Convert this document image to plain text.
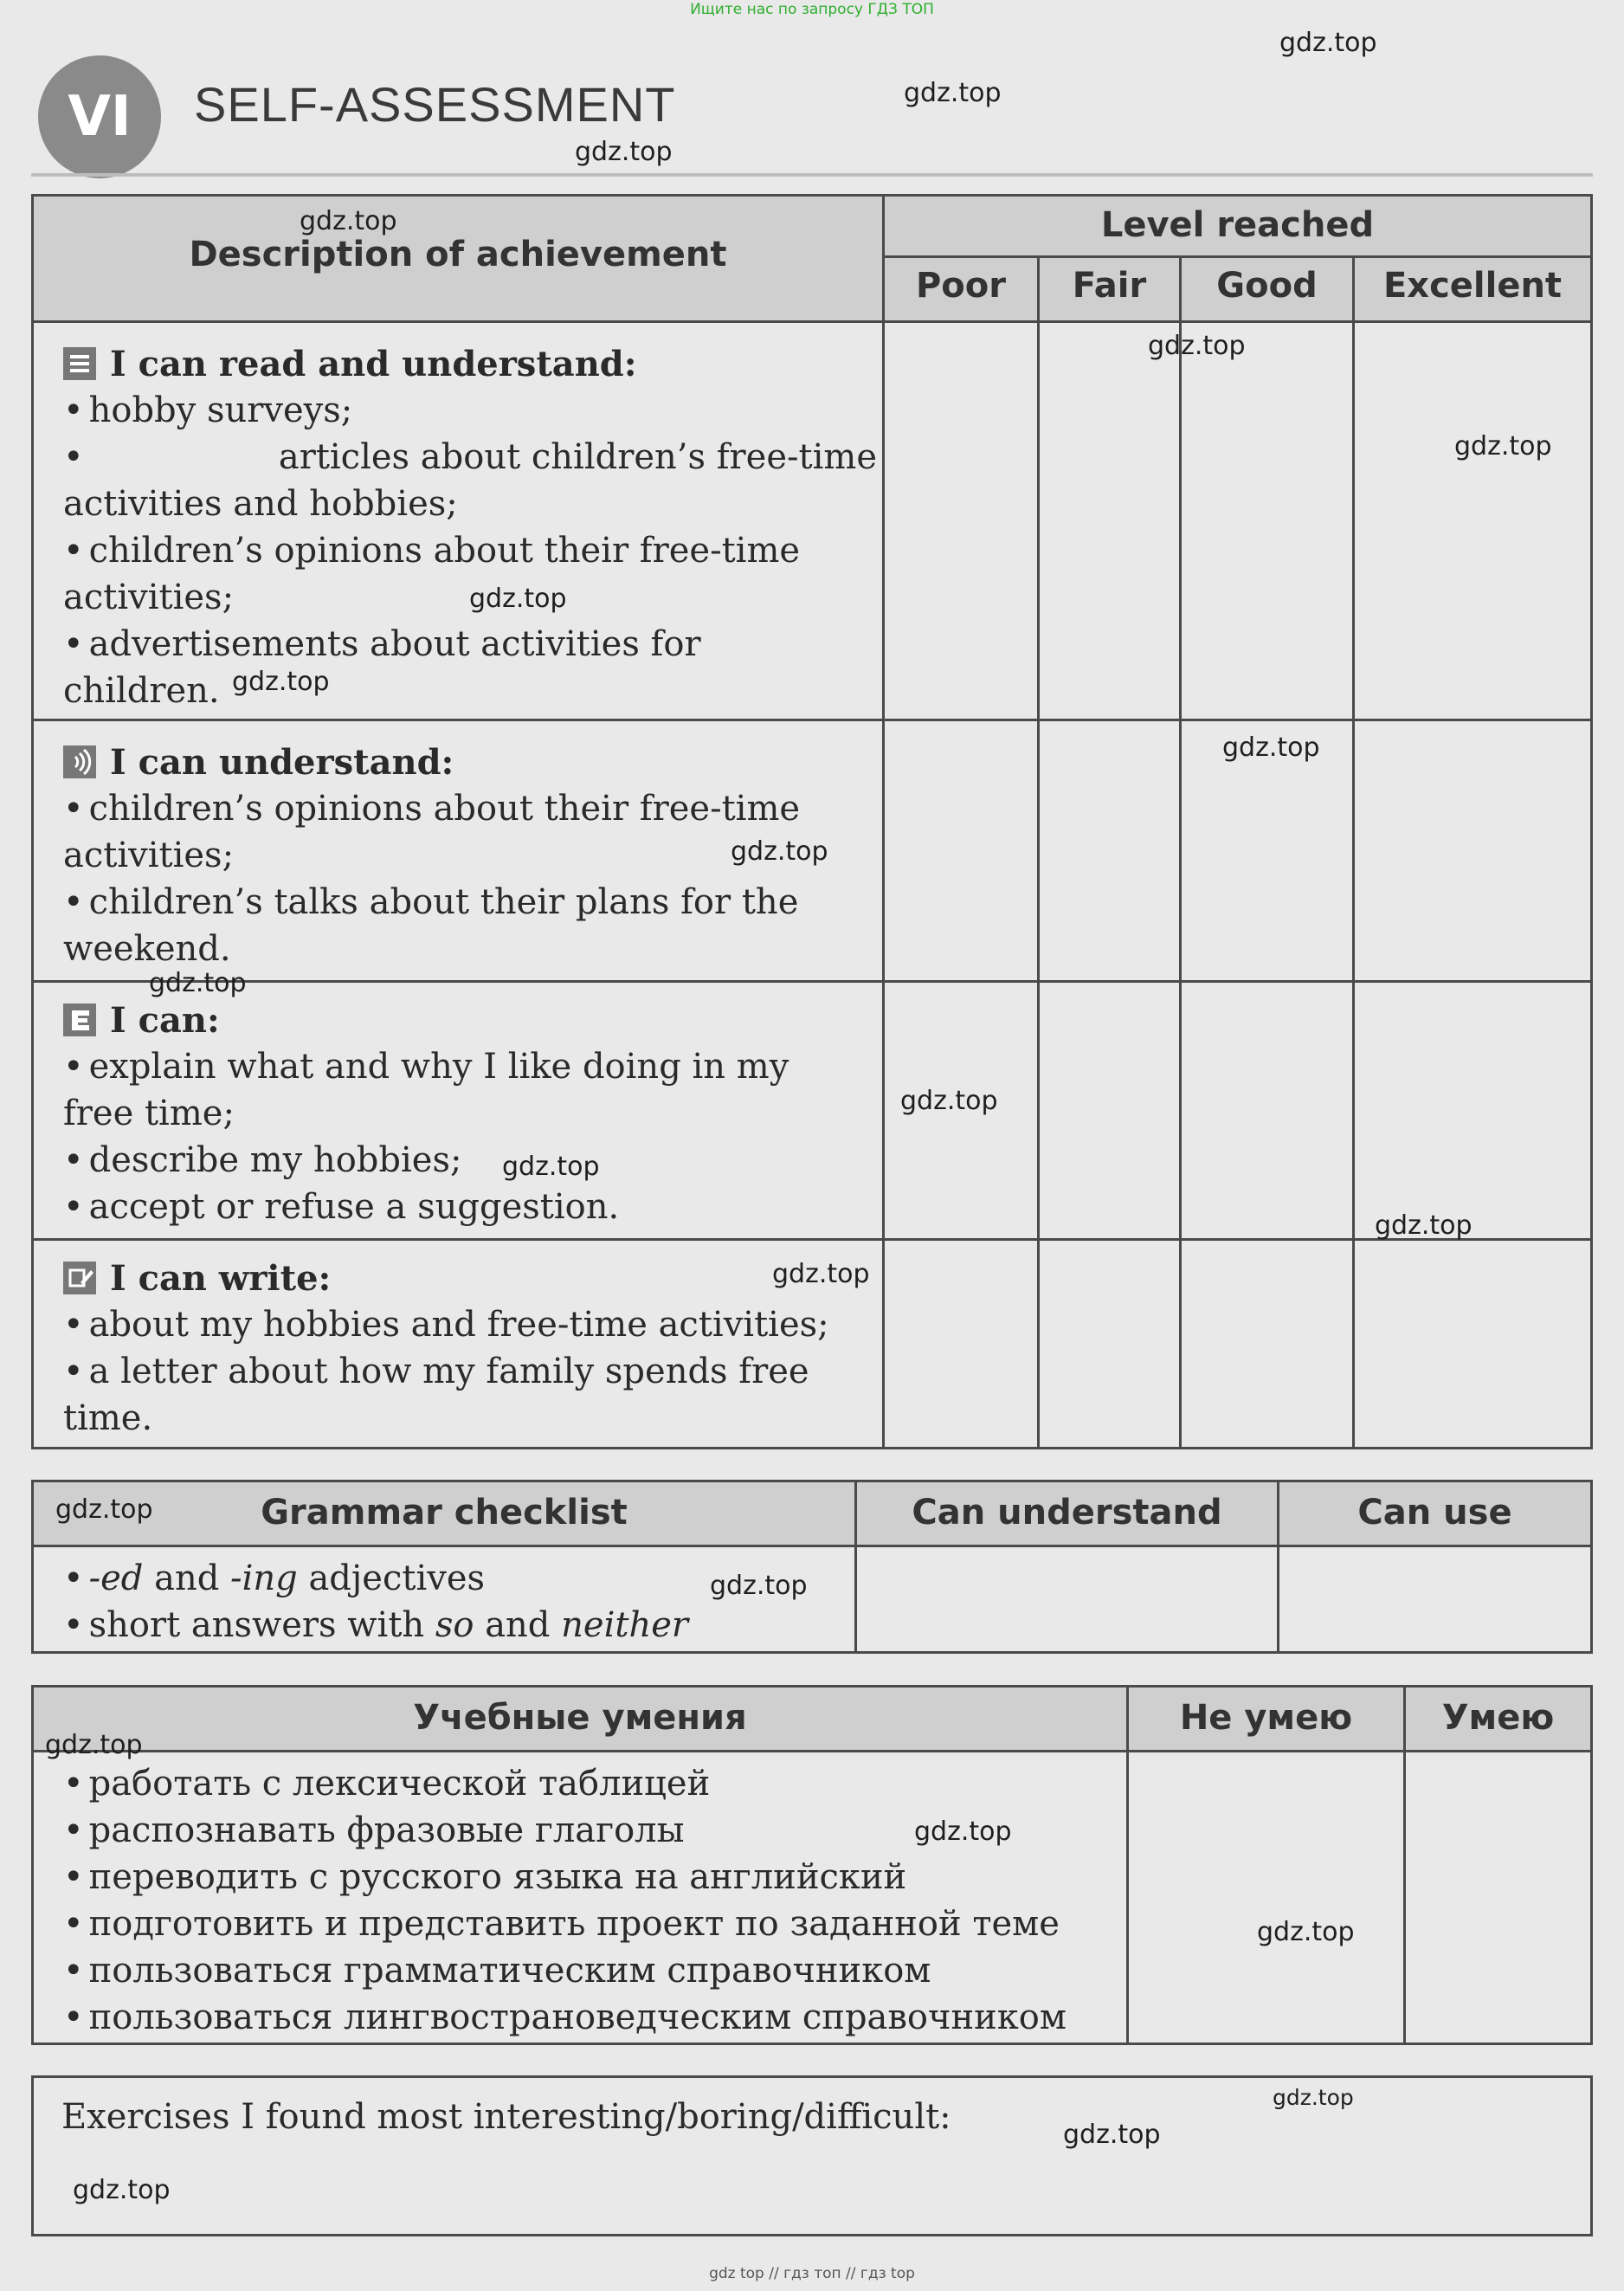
Ищите нас по запросу ГДЗ ТОП
VI	SELF-ASSESSMENT
Description of achievement
Level reached
Poor	Fair	Good	Excellent
I can read and understand:
• hobby surveys;
• articles about children’s free-time
activities and hobbies;
• children’s opinions about their free-time
activities;
• advertisements about activities for
children.
I can understand:
• children’s opinions about their free-time
activities;
• children’s talks about their plans for the
weekend.
I can:
• explain what and why I like doing in my
free time;
• describe my hobbies;
• accept or refuse a suggestion.
I can write:
• about my hobbies and free-time activities;
• a letter about how my family spends free
time.
Grammar checklist	Can understand	Can use
• -ed and -ing adjectives
• short answers with so and neither
Учебные умения	Не умею	Умею
• работать с лексической таблицей
• распознавать фразовые глаголы
• переводить с русского языка на английский
• подготовить и представить проект по заданной теме
• пользоваться грамматическим справочником
• пользоваться лингвострановедческим справочником
Exercises I found most interesting/boring/difficult:
gdz.top
gdz.top
gdz.top
gdz.top
gdz.top
gdz.top
gdz.top
gdz.top
gdz.top
gdz.top
gdz.top
gdz.top
gdz.top
gdz.top
gdz.top
gdz.top
gdz.top
gdz.top
gdz.top
gdz.top
gdz.top
gdz.top
gdz.top
gdz top // гдз топ // гдз top
